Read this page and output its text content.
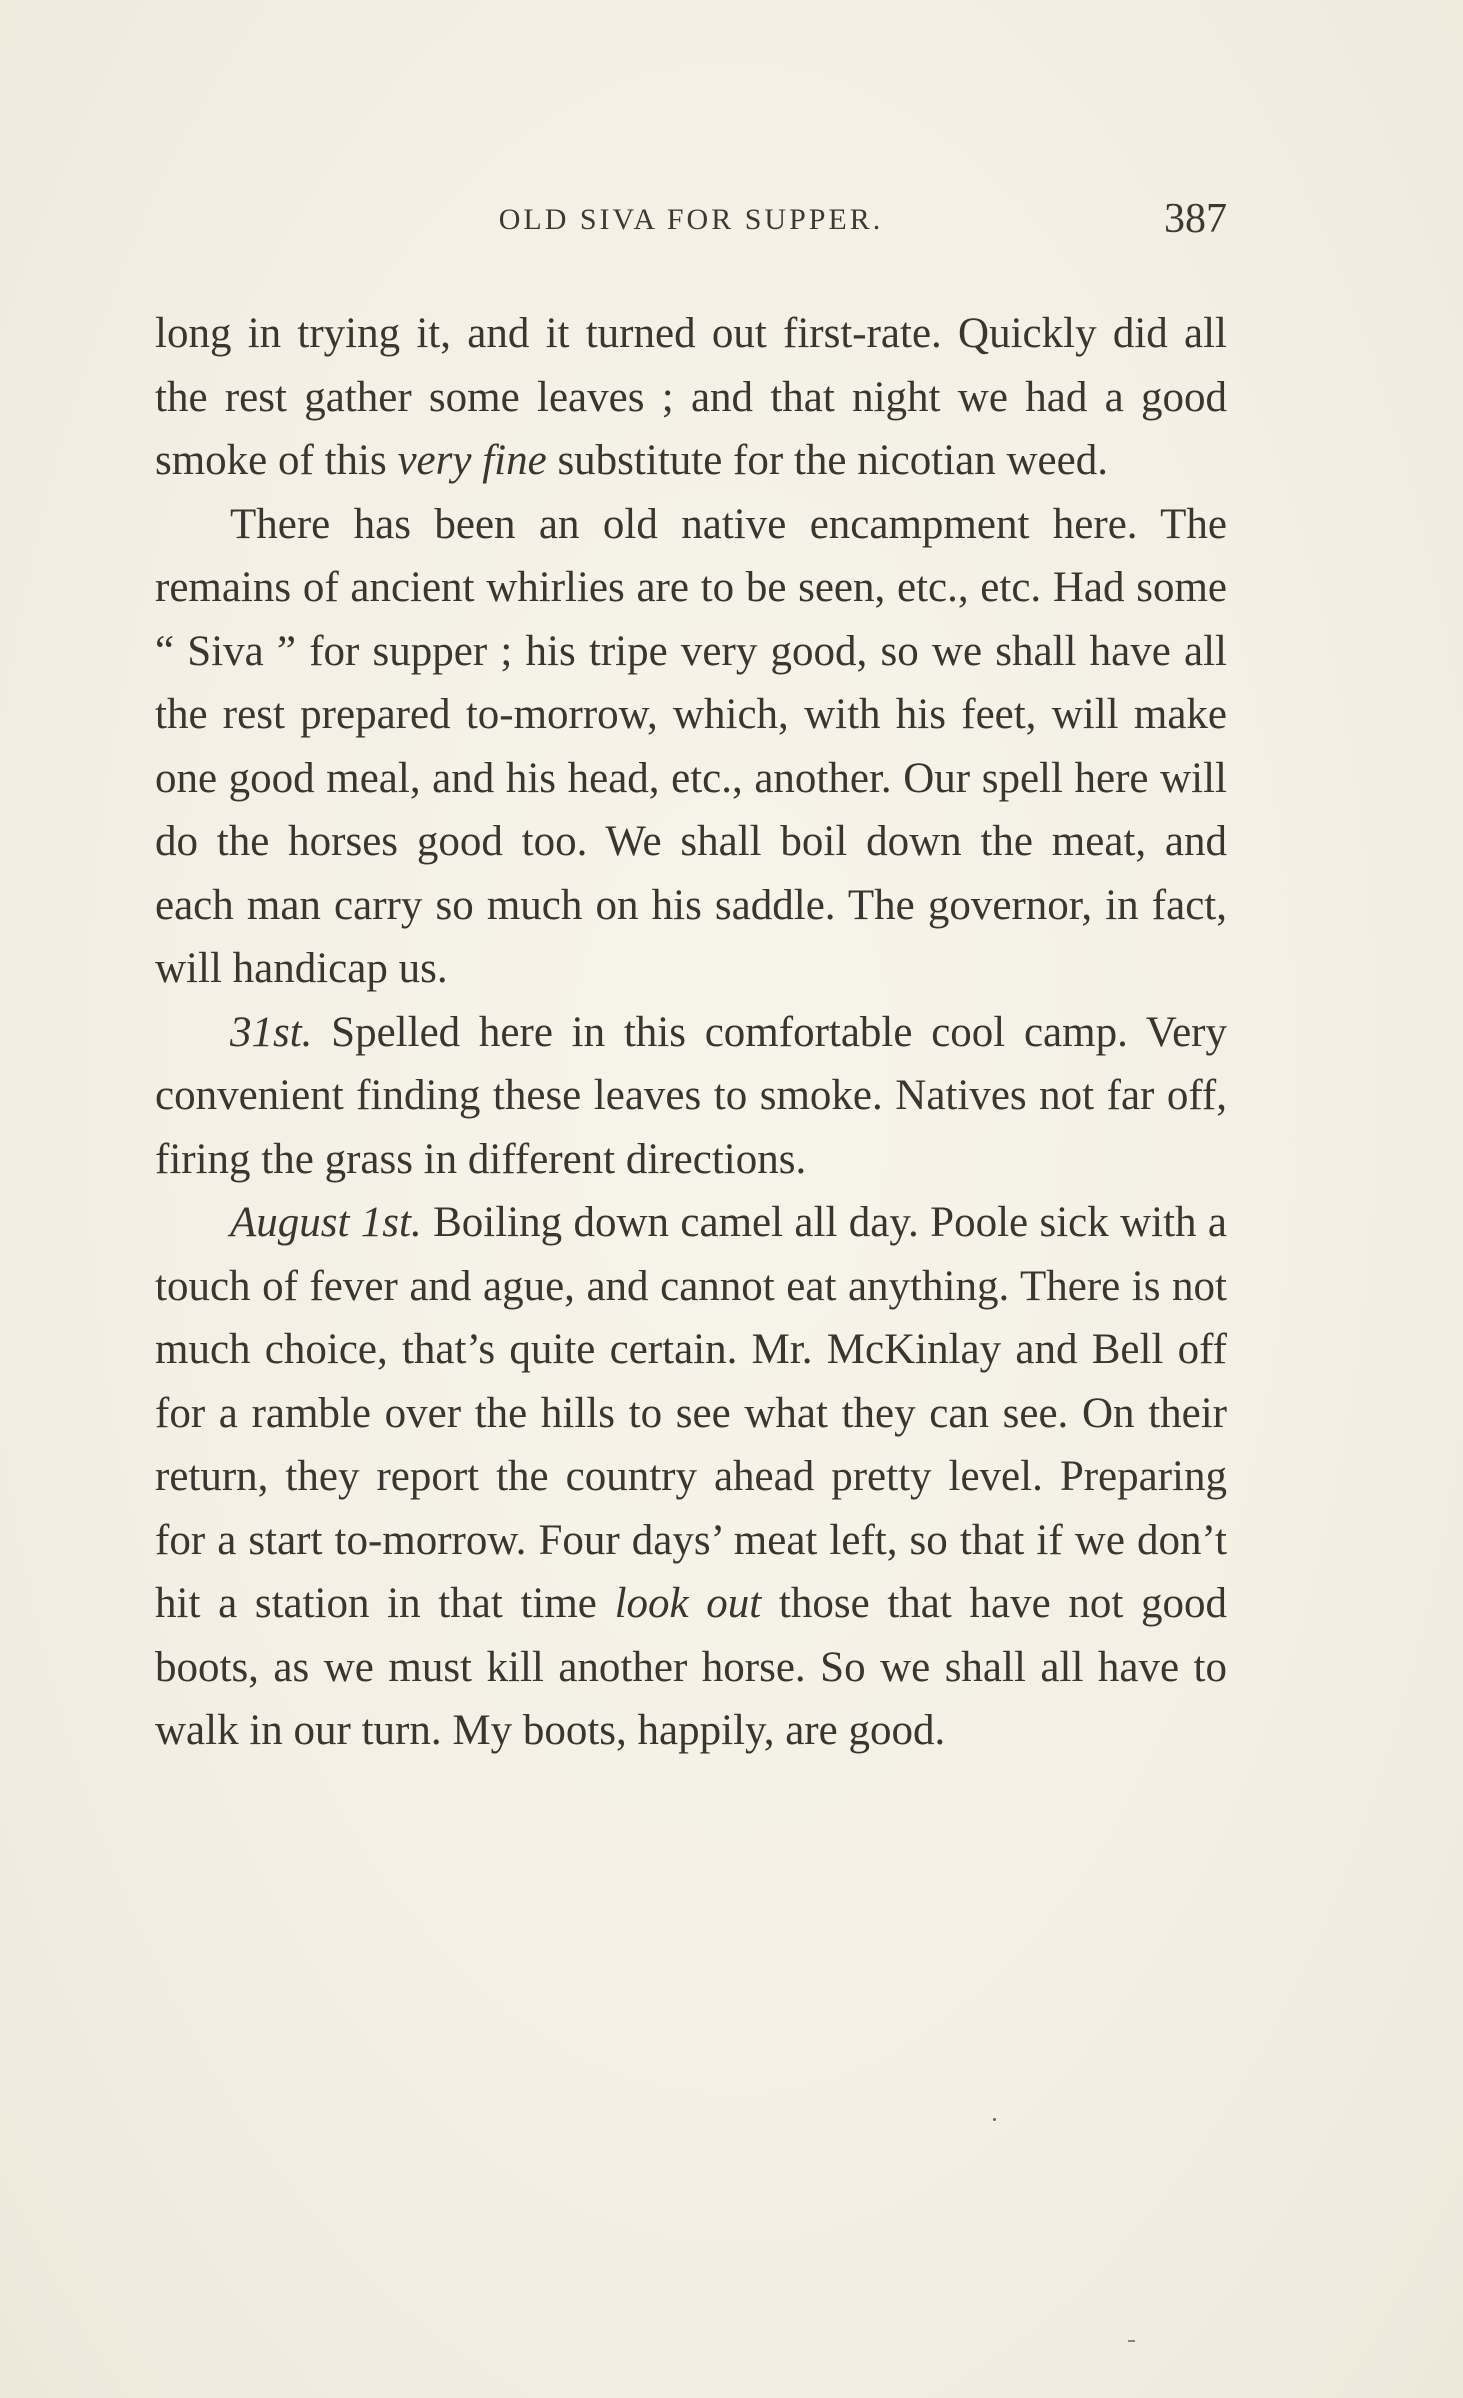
OLD SIVA FOR SUPPER.	387

long in trying it, and it turned out first-rate. Quickly did all the rest gather some leaves ; and that night we had a good smoke of this very fine substitute for the nicotian weed.

There has been an old native encampment here. The remains of ancient whirlies are to be seen, etc., etc. Had some “ Siva ” for supper ; his tripe very good, so we shall have all the rest prepared to-morrow, which, with his feet, will make one good meal, and his head, etc., another. Our spell here will do the horses good too. We shall boil down the meat, and each man carry so much on his saddle. The governor, in fact, will handicap us.

31st. Spelled here in this comfortable cool camp. Very convenient finding these leaves to smoke. Natives not far off, firing the grass in different directions.

August 1st. Boiling down camel all day. Poole sick with a touch of fever and ague, and cannot eat anything. There is not much choice, that’s quite certain. Mr. McKinlay and Bell off for a ramble over the hills to see what they can see. On their return, they report the country ahead pretty level. Preparing for a start to-morrow. Four days’ meat left, so that if we don’t hit a station in that time look out those that have not good boots, as we must kill another horse. So we shall all have to walk in our turn. My boots, happily, are good.
